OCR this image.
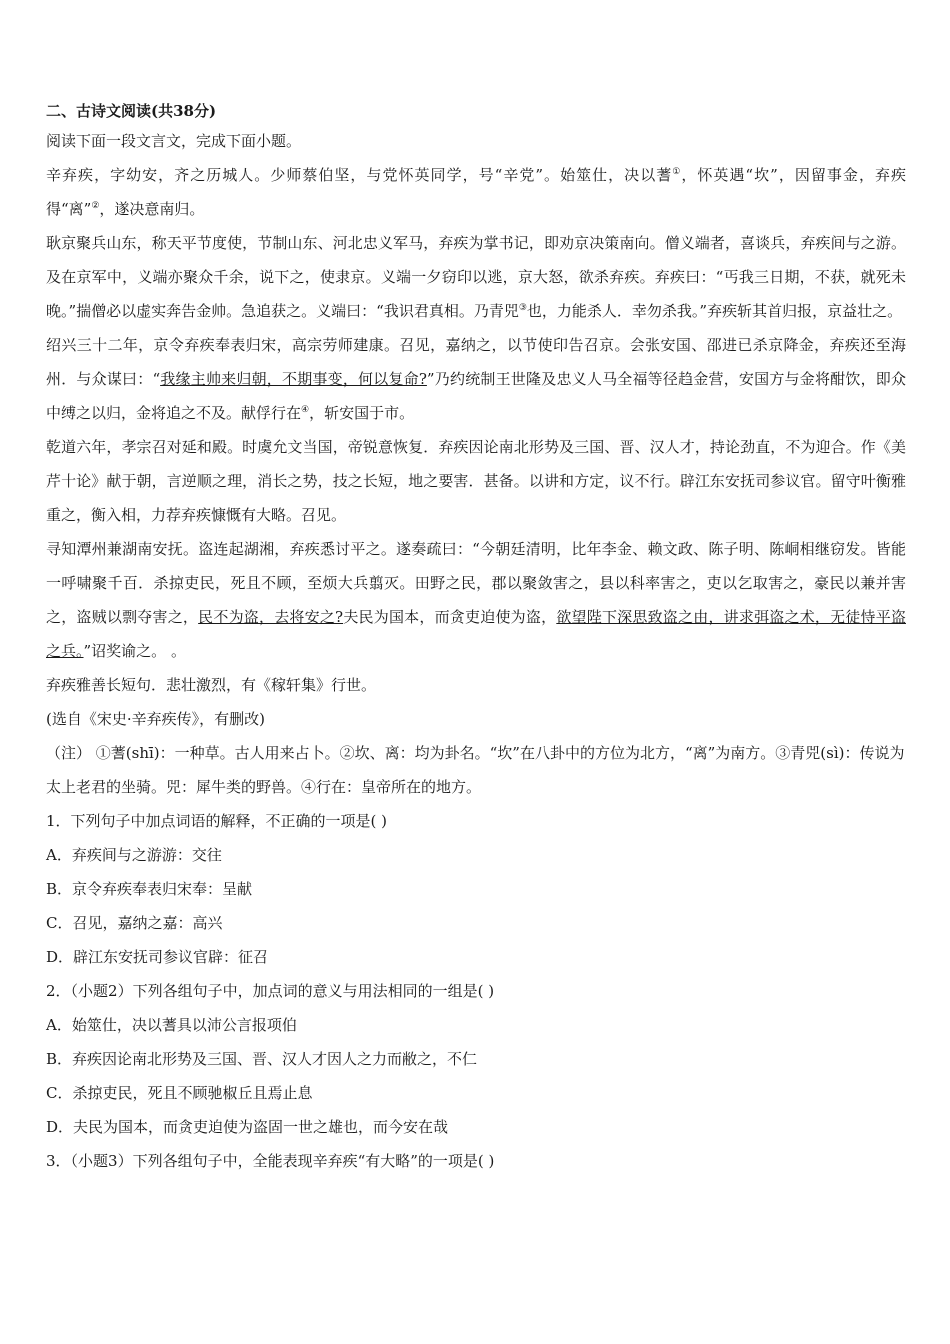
二、古诗文阅读(共38分)

阅读下面一段文言文，完成下面小题。

辛弃疾，字幼安，齐之历城人。少师蔡伯坚，与党怀英同学，号“辛党”。始筮仕，决以蓍①，怀英遇“坎”，因留事金，弃疾得“离”②，遂决意南归。

耿京聚兵山东，称天平节度使，节制山东、河北忠义军马，弃疾为掌书记，即劝京决策南向。僧义端者，喜谈兵，弃疾间与之游。及在京军中，义端亦聚众千余，说下之，使隶京。义端一夕窃印以逃，京大怒，欲杀弃疾。弃疾曰：“丐我三日期，不获，就死未晚。”揣僧必以虚实奔告金帅。急追获之。义端曰：“我识君真相。乃青兕③也，力能杀人．幸勿杀我。”弃疾斩其首归报，京益壮之。

绍兴三十二年，京令弃疾奉表归宋，高宗劳师建康。召见，嘉纳之，以节使印告召京。会张安国、邵进已杀京降金，弃疾还至海州．与众谋曰：“我缘主帅来归朝，不期事变，何以复命?”乃约统制王世隆及忠义人马全福等径趋金营，安国方与金将酣饮，即众中缚之以归，金将追之不及。献俘行在④，斩安国于市。

乾道六年，孝宗召对延和殿。时虞允文当国，帝锐意恢复．弃疾因论南北形势及三国、晋、汉人才，持论劲直，不为迎合。作《美芹十论》献于朝，言逆顺之理，消长之势，技之长短，地之要害．甚备。以讲和方定，议不行。辟江东安抚司参议官。留守叶衡雅重之，衡入相，力荐弃疾慷慨有大略。召见。

寻知潭州兼湖南安抚。盗连起湖湘，弃疾悉讨平之。遂奏疏曰：“今朝廷清明，比年李金、赖文政、陈子明、陈峒相继窃发。皆能一呼啸聚千百．杀掠吏民，死且不顾，至烦大兵翦灭。田野之民，郡以聚敛害之，县以科率害之，吏以乞取害之，豪民以兼并害之，盗贼以剽夺害之，民不为盗，去将安之?夫民为国本，而贪吏迫使为盗，欲望陛下深思致盗之由，讲求弭盗之术，无徒恃平盗之兵。”诏奖谕之。 。

弃疾雅善长短句．悲壮激烈，有《稼轩集》行世。

(选自《宋史·辛弃疾传》，有删改)

（注） ①蓍(shī)：一种草。古人用来占卜。②坎、离：均为卦名。“坎”在八卦中的方位为北方，“离”为南方。③青兕(sì)：传说为太上老君的坐骑。兕：犀牛类的野兽。④行在：皇帝所在的地方。

1．下列句子中加点词语的解释，不正确的一项是( )

A．弃疾间与之游游：交往

B．京令弃疾奉表归宋奉：呈献

C．召见，嘉纳之嘉：高兴

D．辟江东安抚司参议官辟：征召

2．（小题2）下列各组句子中，加点词的意义与用法相同的一组是( )

A．始筮仕，决以蓍具以沛公言报项伯

B．弃疾因论南北形势及三国、晋、汉人才因人之力而敝之，不仁

C．杀掠吏民，死且不顾驰椒丘且焉止息

D．夫民为国本，而贪吏迫使为盗固一世之雄也，而今安在哉

3．（小题3）下列各组句子中，全能表现辛弃疾“有大略”的一项是( )
